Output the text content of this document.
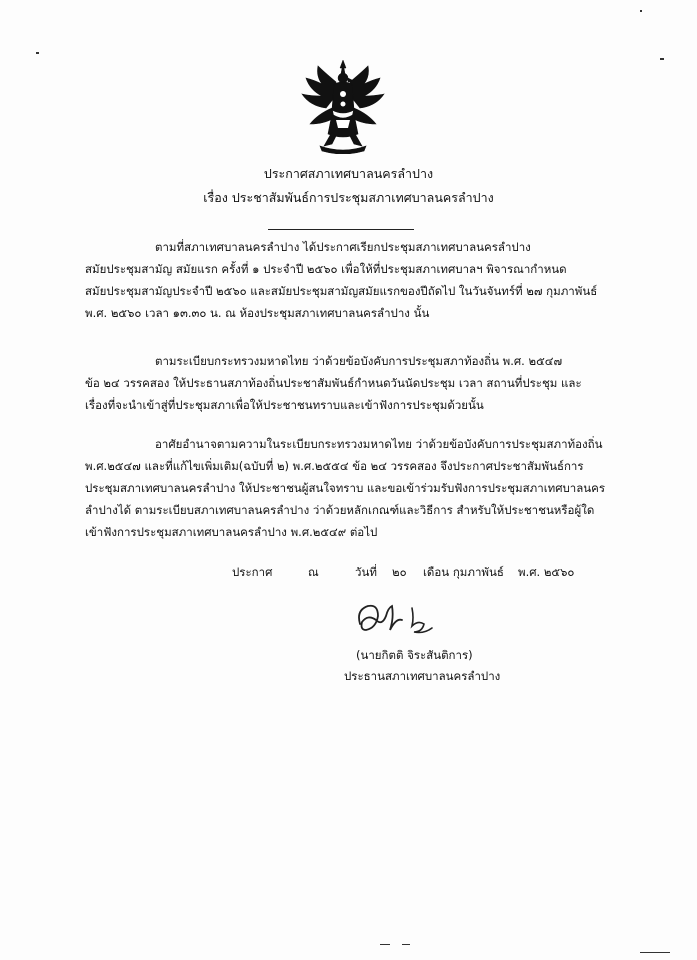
ประกาศสภาเทศบาลนครลำปาง
เรื่อง ประชาสัมพันธ์การประชุมสภาเทศบาลนครลำปาง
ตามที่สภาเทศบาลนครลำปาง ได้ประกาศเรียกประชุมสภาเทศบาลนครลำปาง
สมัยประชุมสามัญ สมัยแรก ครั้งที่ ๑ ประจำปี ๒๕๖๐ เพื่อให้ที่ประชุมสภาเทศบาลฯ พิจารณากำหนด
สมัยประชุมสามัญประจำปี ๒๕๖๐ และสมัยประชุมสามัญสมัยแรกของปีถัดไป ในวันจันทร์ที่ ๒๗ กุมภาพันธ์
พ.ศ. ๒๕๖๐ เวลา ๑๓.๓๐ น. ณ ห้องประชุมสภาเทศบาลนครลำปาง นั้น
ตามระเบียบกระทรวงมหาดไทย ว่าด้วยข้อบังคับการประชุมสภาท้องถิ่น พ.ศ. ๒๕๔๗
ข้อ ๒๔ วรรคสอง ให้ประธานสภาท้องถิ่นประชาสัมพันธ์กำหนดวันนัดประชุม เวลา สถานที่ประชุม และ
เรื่องที่จะนำเข้าสู่ที่ประชุมสภาเพื่อให้ประชาชนทราบและเข้าฟังการประชุมด้วยนั้น
อาศัยอำนาจตามความในระเบียบกระทรวงมหาดไทย ว่าด้วยข้อบังคับการประชุมสภาท้องถิ่น
พ.ศ.๒๕๔๗ และที่แก้ไขเพิ่มเติม(ฉบับที่ ๒) พ.ศ.๒๕๕๔ ข้อ ๒๔ วรรคสอง จึงประกาศประชาสัมพันธ์การ
ประชุมสภาเทศบาลนครลำปาง ให้ประชาชนผู้สนใจทราบ และขอเข้าร่วมรับฟังการประชุมสภาเทศบาลนคร
ลำปางได้ ตามระเบียบสภาเทศบาลนครลำปาง ว่าด้วยหลักเกณฑ์และวิธีการ สำหรับให้ประชาชนหรือผู้ใด
เข้าฟังการประชุมสภาเทศบาลนครลำปาง พ.ศ.๒๕๔๙ ต่อไป
ประกาศ	ณ	วันที่ ๒๐ เดือน กุมภาพันธ์ พ.ศ. ๒๕๖๐
(นายกิตติ จิระสันติการ)
ประธานสภาเทศบาลนครลำปาง
